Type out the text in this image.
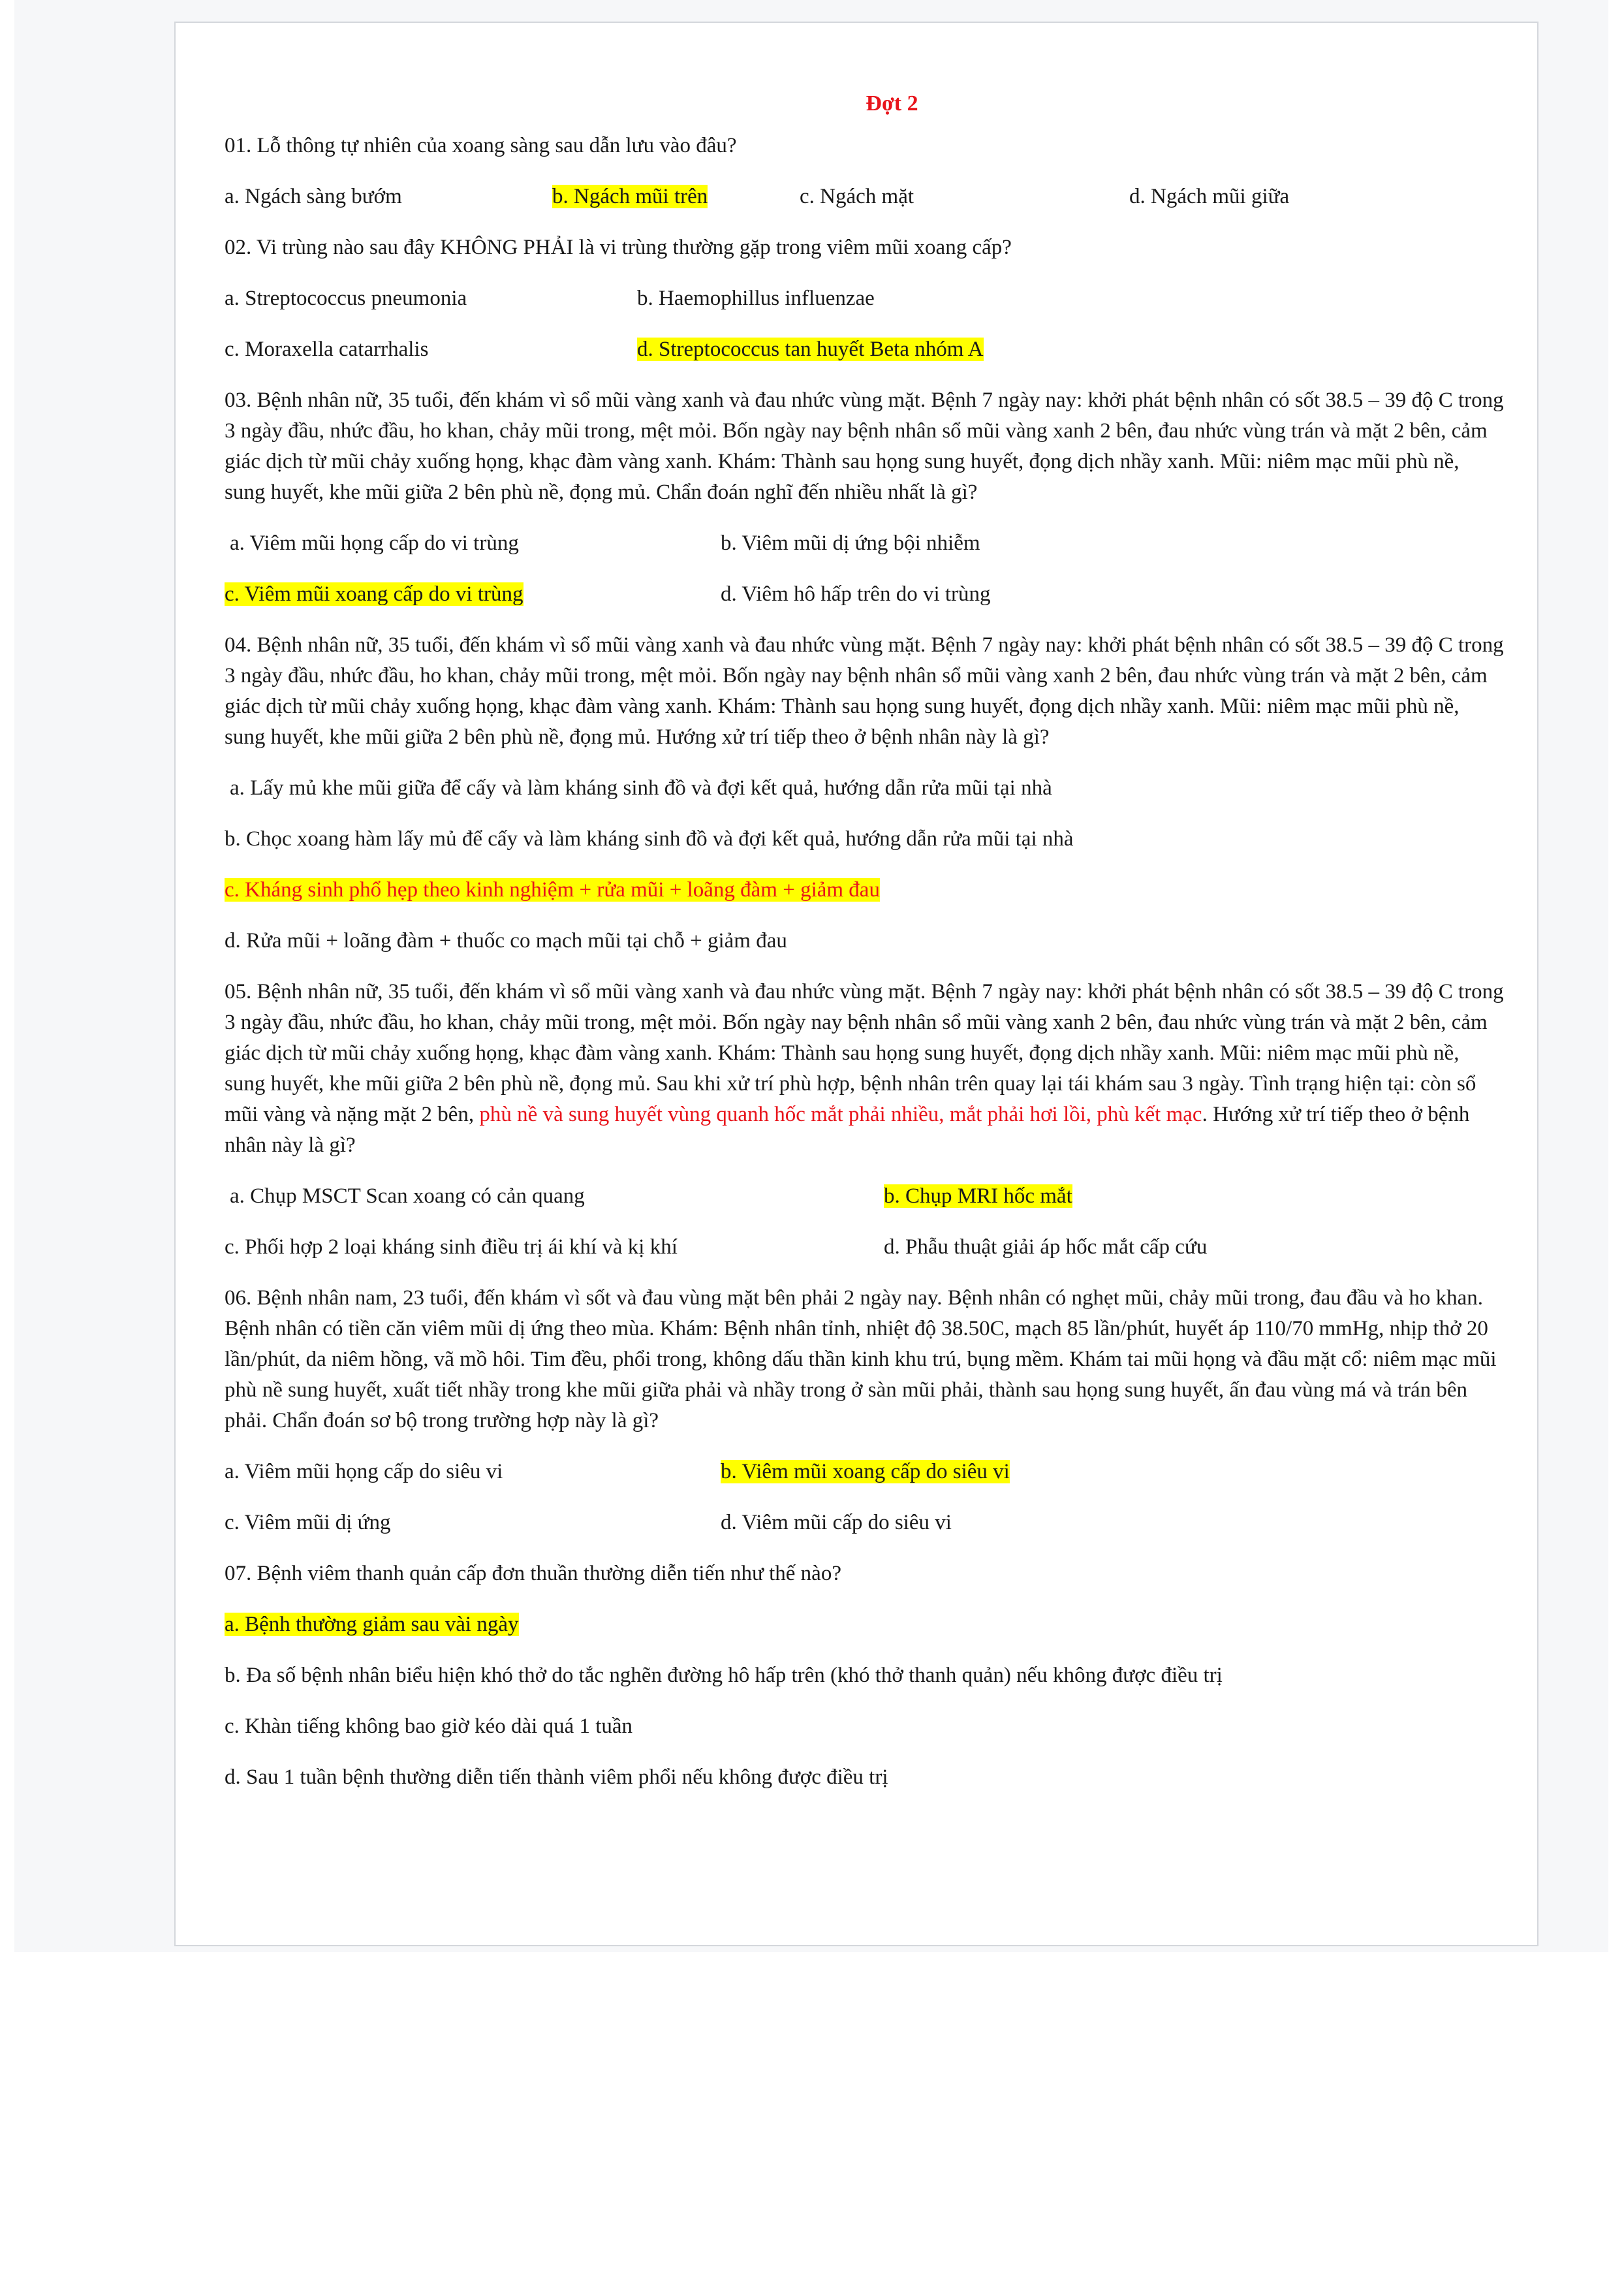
Đợt 2
01. Lỗ thông tự nhiên của xoang sàng sau dẫn lưu vào đâu?
a. Ngách sàng bướm	b. Ngách mũi trên	c. Ngách mặt	d. Ngách mũi giữa
02. Vi trùng nào sau đây KHÔNG PHẢI là vi trùng thường gặp trong viêm mũi xoang cấp?
a. Streptococcus pneumonia	b. Haemophillus influenzae
c. Moraxella catarrhalis	d. Streptococcus tan huyết Beta nhóm A
03. Bệnh nhân nữ, 35 tuổi, đến khám vì sổ mũi vàng xanh và đau nhức vùng mặt. Bệnh 7 ngày nay: khởi phát bệnh nhân có sốt 38.5 – 39 độ C trong 3 ngày đầu, nhức đầu, ho khan, chảy mũi trong, mệt mỏi. Bốn ngày nay bệnh nhân sổ mũi vàng xanh 2 bên, đau nhức vùng trán và mặt 2 bên, cảm giác dịch từ mũi chảy xuống họng, khạc đàm vàng xanh. Khám: Thành sau họng sung huyết, đọng dịch nhầy xanh. Mũi: niêm mạc mũi phù nề, sung huyết, khe mũi giữa 2 bên phù nề, đọng mủ. Chẩn đoán nghĩ đến nhiều nhất là gì?
a. Viêm mũi họng cấp do vi trùng	b. Viêm mũi dị ứng bội nhiễm
c. Viêm mũi xoang cấp do vi trùng	d. Viêm hô hấp trên do vi trùng
04. Bệnh nhân nữ, 35 tuổi, đến khám vì sổ mũi vàng xanh và đau nhức vùng mặt. Bệnh 7 ngày nay: khởi phát bệnh nhân có sốt 38.5 – 39 độ C trong 3 ngày đầu, nhức đầu, ho khan, chảy mũi trong, mệt mỏi. Bốn ngày nay bệnh nhân sổ mũi vàng xanh 2 bên, đau nhức vùng trán và mặt 2 bên, cảm giác dịch từ mũi chảy xuống họng, khạc đàm vàng xanh. Khám: Thành sau họng sung huyết, đọng dịch nhầy xanh. Mũi: niêm mạc mũi phù nề, sung huyết, khe mũi giữa 2 bên phù nề, đọng mủ. Hướng xử trí tiếp theo ở bệnh nhân này là gì?
a. Lấy mủ khe mũi giữa để cấy và làm kháng sinh đồ và đợi kết quả, hướng dẫn rửa mũi tại nhà
b. Chọc xoang hàm lấy mủ để cấy và làm kháng sinh đồ và đợi kết quả, hướng dẫn rửa mũi tại nhà
c. Kháng sinh phổ hẹp theo kinh nghiệm + rửa mũi + loãng đàm + giảm đau
d. Rửa mũi + loãng đàm + thuốc co mạch mũi tại chỗ + giảm đau
05. Bệnh nhân nữ, 35 tuổi, đến khám vì sổ mũi vàng xanh và đau nhức vùng mặt. Bệnh 7 ngày nay: khởi phát bệnh nhân có sốt 38.5 – 39 độ C trong 3 ngày đầu, nhức đầu, ho khan, chảy mũi trong, mệt mỏi. Bốn ngày nay bệnh nhân sổ mũi vàng xanh 2 bên, đau nhức vùng trán và mặt 2 bên, cảm giác dịch từ mũi chảy xuống họng, khạc đàm vàng xanh. Khám: Thành sau họng sung huyết, đọng dịch nhầy xanh. Mũi: niêm mạc mũi phù nề, sung huyết, khe mũi giữa 2 bên phù nề, đọng mủ. Sau khi xử trí phù hợp, bệnh nhân trên quay lại tái khám sau 3 ngày. Tình trạng hiện tại: còn sổ mũi vàng và nặng mặt 2 bên, phù nề và sung huyết vùng quanh hốc mắt phải nhiều, mắt phải hơi lồi, phù kết mạc. Hướng xử trí tiếp theo ở bệnh nhân này là gì?
a. Chụp MSCT Scan xoang có cản quang	b. Chụp MRI hốc mắt
c. Phối hợp 2 loại kháng sinh điều trị ái khí và kị khí	d. Phẫu thuật giải áp hốc mắt cấp cứu
06. Bệnh nhân nam, 23 tuổi, đến khám vì sốt và đau vùng mặt bên phải 2 ngày nay. Bệnh nhân có nghẹt mũi, chảy mũi trong, đau đầu và ho khan. Bệnh nhân có tiền căn viêm mũi dị ứng theo mùa. Khám: Bệnh nhân tỉnh, nhiệt độ 38.50C, mạch 85 lần/phút, huyết áp 110/70 mmHg, nhịp thở 20 lần/phút, da niêm hồng, vã mồ hôi. Tim đều, phổi trong, không dấu thần kinh khu trú, bụng mềm. Khám tai mũi họng và đầu mặt cổ: niêm mạc mũi phù nề sung huyết, xuất tiết nhầy trong khe mũi giữa phải và nhầy trong ở sàn mũi phải, thành sau họng sung huyết, ấn đau vùng má và trán bên phải. Chẩn đoán sơ bộ trong trường hợp này là gì?
a. Viêm mũi họng cấp do siêu vi	b. Viêm mũi xoang cấp do siêu vi
c. Viêm mũi dị ứng	d. Viêm mũi cấp do siêu vi
07. Bệnh viêm thanh quản cấp đơn thuần thường diễn tiến như thế nào?
a. Bệnh thường giảm sau vài ngày
b. Đa số bệnh nhân biểu hiện khó thở do tắc nghẽn đường hô hấp trên (khó thở thanh quản) nếu không được điều trị
c. Khàn tiếng không bao giờ kéo dài quá 1 tuần
d. Sau 1 tuần bệnh thường diễn tiến thành viêm phổi nếu không được điều trị
